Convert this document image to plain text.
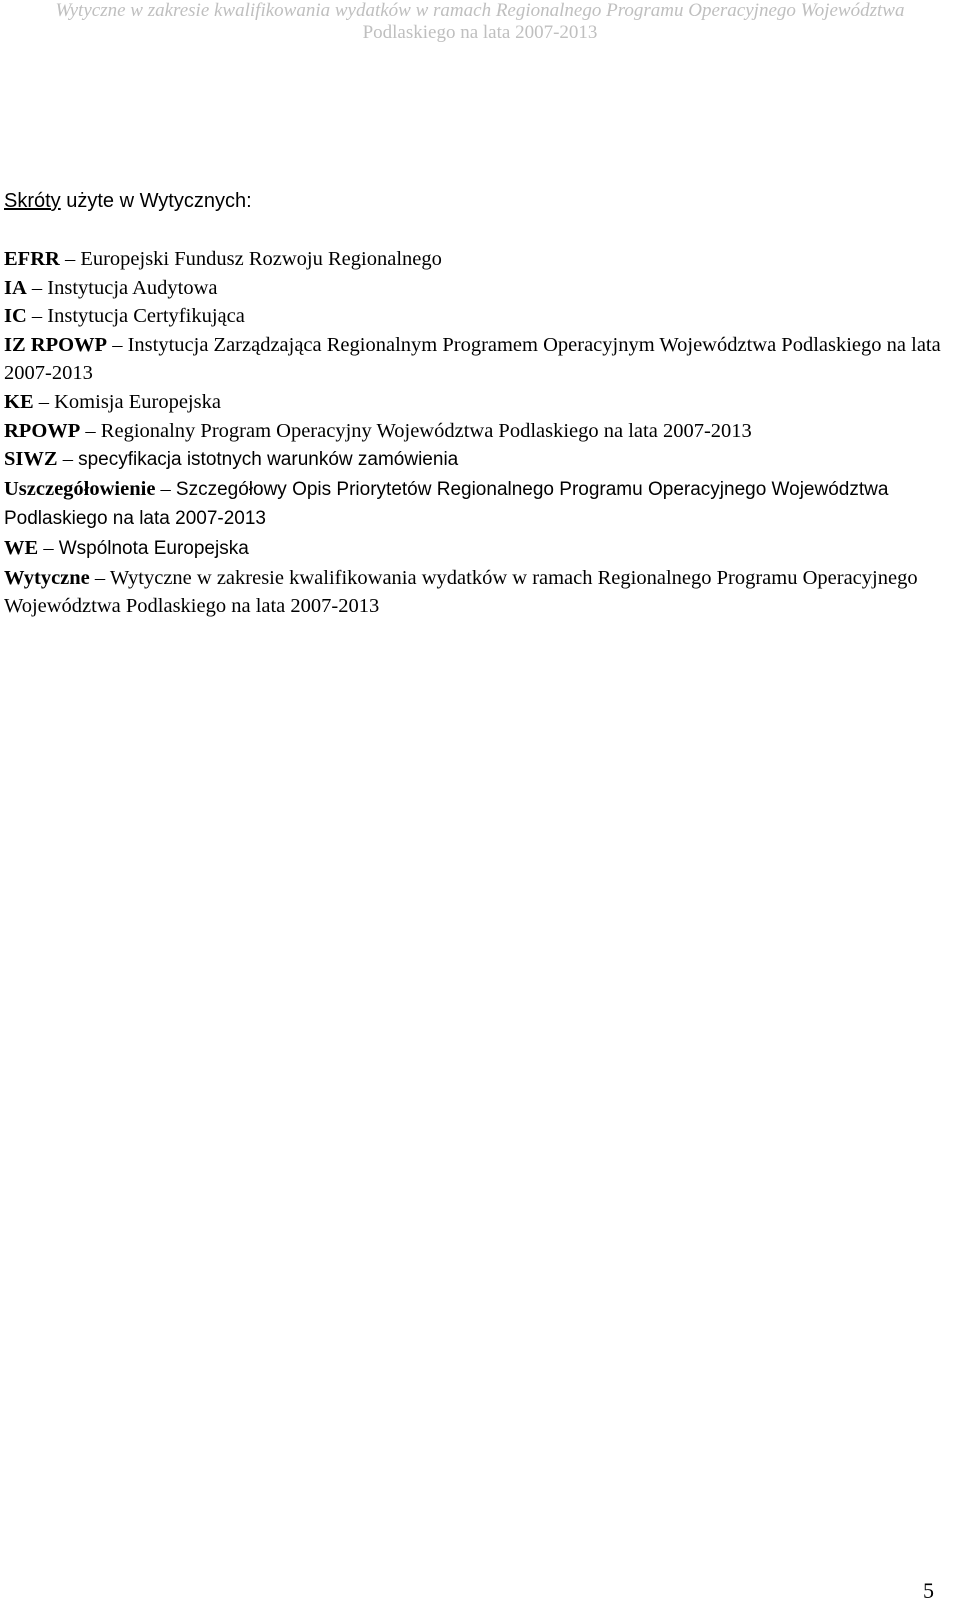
Wytyczne w zakresie kwalifikowania wydatków w ramach Regionalnego Programu Operacyjnego Województwa
Podlaskiego na lata 2007-2013
Skróty użyte w Wytycznych:
EFRR – Europejski Fundusz Rozwoju Regionalnego
IA – Instytucja Audytowa
IC – Instytucja Certyfikująca
IZ RPOWP – Instytucja Zarządzająca Regionalnym Programem Operacyjnym Województwa Podlaskiego na lata 2007-2013
KE – Komisja Europejska
RPOWP – Regionalny Program Operacyjny Województwa Podlaskiego na lata 2007-2013
SIWZ – specyfikacja istotnych warunków zamówienia
Uszczegółowienie – Szczegółowy Opis Priorytetów Regionalnego Programu Operacyjnego Województwa Podlaskiego na lata 2007-2013
WE – Wspólnota Europejska
Wytyczne – Wytyczne w zakresie kwalifikowania wydatków w ramach Regionalnego Programu Operacyjnego Województwa Podlaskiego na lata 2007-2013
5
